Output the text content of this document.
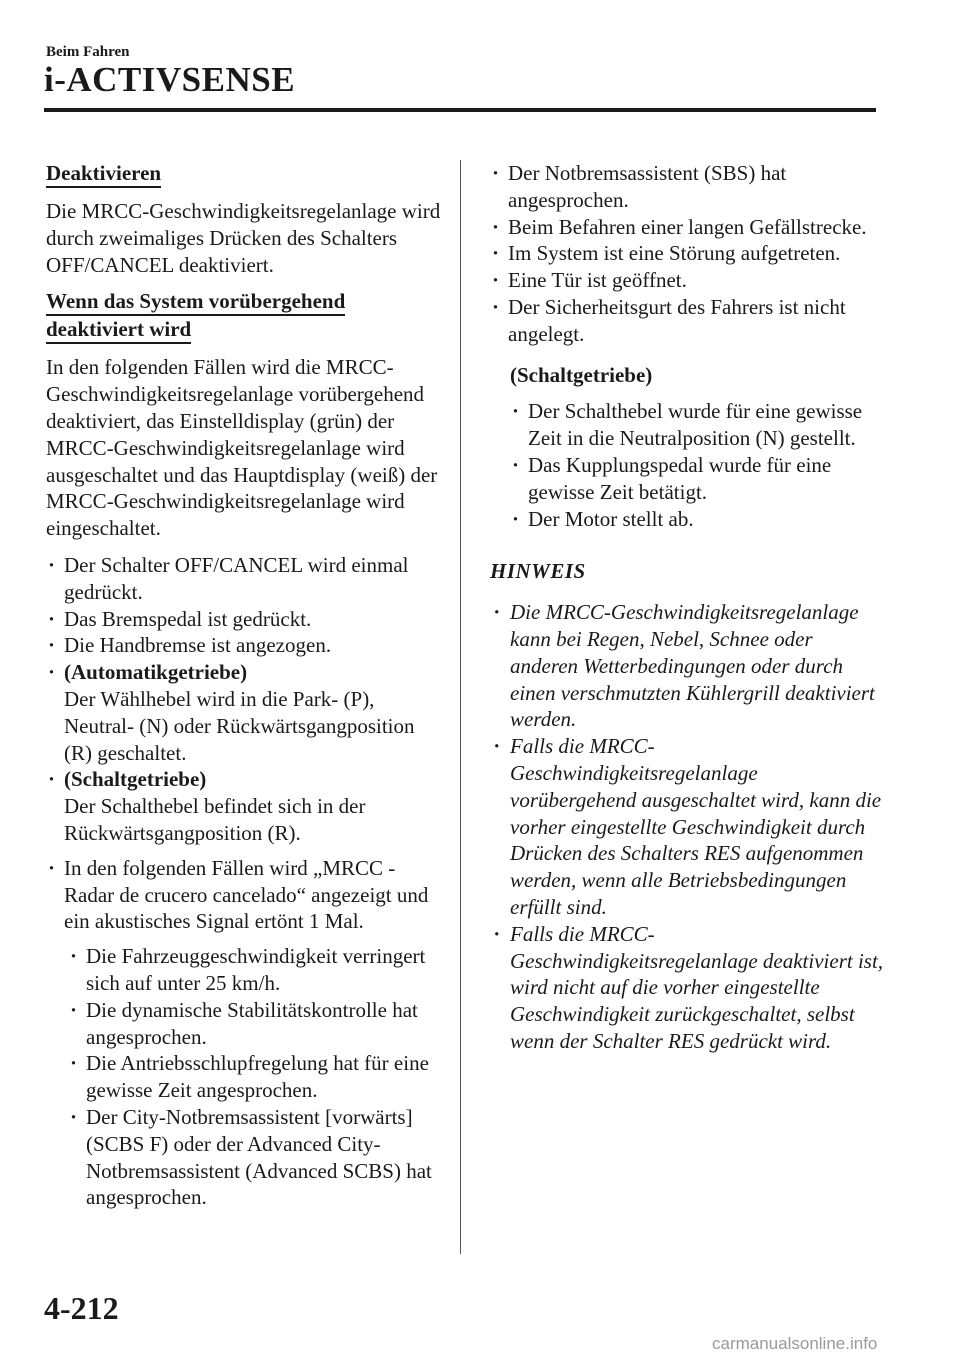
Beim Fahren
i-ACTIVSENSE
Deaktivieren

Die MRCC-Geschwindigkeitsregelanlage wird durch zweimaliges Drücken des Schalters OFF/CANCEL deaktiviert.

Wenn das System vorübergehend
deaktiviert wird

In den folgenden Fällen wird die MRCC-Geschwindigkeitsregelanlage vorübergehend deaktiviert, das Einstelldisplay (grün) der MRCC-Geschwindigkeitsregelanlage wird ausgeschaltet und das Hauptdisplay (weiß) der MRCC-Geschwindigkeitsregelanlage wird eingeschaltet.

· Der Schalter OFF/CANCEL wird einmal gedrückt.
· Das Bremspedal ist gedrückt.
· Die Handbremse ist angezogen.
· (Automatikgetriebe)
Der Wählhebel wird in die Park- (P), Neutral- (N) oder Rückwärtsgangposition (R) geschaltet.
· (Schaltgetriebe)
Der Schalthebel befindet sich in der Rückwärtsgangposition (R).
· In den folgenden Fällen wird „MRCC - Radar de crucero cancelado“ angezeigt und ein akustisches Signal ertönt 1 Mal.
· Die Fahrzeuggeschwindigkeit verringert sich auf unter 25 km/h.
· Die dynamische Stabilitätskontrolle hat angesprochen.
· Die Antriebsschlupfregelung hat für eine gewisse Zeit angesprochen.
· Der City-Notbremsassistent [vorwärts] (SCBS F) oder der Advanced City-Notbremsassistent (Advanced SCBS) hat angesprochen.
· Der Notbremsassistent (SBS) hat angesprochen.
· Beim Befahren einer langen Gefällstrecke.
· Im System ist eine Störung aufgetreten.
· Eine Tür ist geöffnet.
· Der Sicherheitsgurt des Fahrers ist nicht angelegt.
(Schaltgetriebe)
· Der Schalthebel wurde für eine gewisse Zeit in die Neutralposition (N) gestellt.
· Das Kupplungspedal wurde für eine gewisse Zeit betätigt.
· Der Motor stellt ab.
HINWEIS
· Die MRCC-Geschwindigkeitsregelanlage kann bei Regen, Nebel, Schnee oder anderen Wetterbedingungen oder durch einen verschmutzten Kühlergrill deaktiviert werden.
· Falls die MRCC-Geschwindigkeitsregelanlage vorübergehend ausgeschaltet wird, kann die vorher eingestellte Geschwindigkeit durch Drücken des Schalters RES aufgenommen werden, wenn alle Betriebsbedingungen erfüllt sind.
· Falls die MRCC-Geschwindigkeitsregelanlage deaktiviert ist, wird nicht auf die vorher eingestellte Geschwindigkeit zurückgeschaltet, selbst wenn der Schalter RES gedrückt wird.
4-212
carmanualsonline.info
